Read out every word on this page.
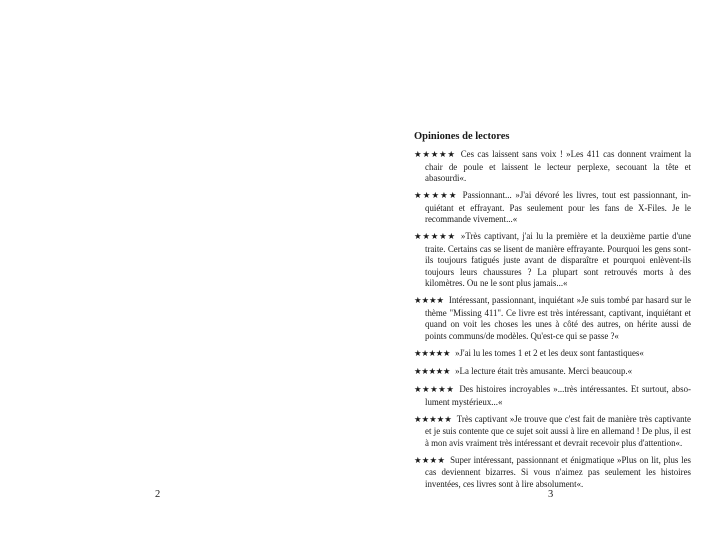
2
Opiniones de lectores

★★★★★ Ces cas laissent sans voix ! »Les 411 cas donnent vraiment la chair de poule et laissent le lecteur perplexe, secouant la tête et abasourdi«.

★★★★★ Passionnant... »J'ai dévoré les livres, tout est passionnant, inquiétant et effrayant. Pas seulement pour les fans de X-Files. Je le recommande vivement...«

★★★★★ »Très captivant, j'ai lu la première et la deuxième partie d'une traite. Certains cas se lisent de manière effrayante. Pourquoi les gens sont-ils toujours fatigués juste avant de disparaître et pourquoi enlèvent-ils toujours leurs chaussures ? La plupart sont retrouvés morts à des kilomètres. Ou ne le sont plus jamais...«

★★★★ Intéressant, passionnant, inquiétant »Je suis tombé par hasard sur le thème "Missing 411". Ce livre est très intéressant, captivant, inquiétant et quand on voit les choses les unes à côté des autres, on hérite aussi de points communs/de modèles. Qu'est-ce qui se passe ?«

★★★★★ »J'ai lu les tomes 1 et 2 et les deux sont fantastiques«

★★★★★ »La lecture était très amusante. Merci beaucoup.«

★★★★★ Des histoires incroyables »...très intéressantes. Et surtout, absolument mystérieux...«

★★★★★ Très captivant »Je trouve que c'est fait de manière très captivante et je suis contente que ce sujet soit aussi à lire en allemand ! De plus, il est à mon avis vraiment très intéressant et devrait recevoir plus d'attention«.

★★★★ Super intéressant, passionnant et énigmatique »Plus on lit, plus les cas deviennent bizarres. Si vous n'aimez pas seulement les histoires inventées, ces livres sont à lire absolument«.

3
